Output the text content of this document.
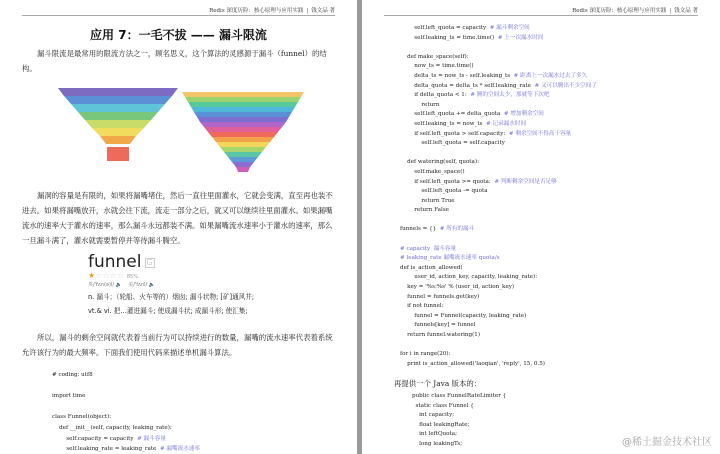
Redis 深度历险：核心原理与应用实践 | 钱文品 著
应用 7：一毛不拔 —— 漏斗限流
漏斗限流是最常用的限流方法之一，顾名思义，这个算法的灵感源于漏斗（funnel）的结构。
漏洞的容量是有限的，如果将漏嘴堵住，然后一直往里面灌水，它就会变满，直至再也装不进去。如果将漏嘴放开，水就会往下流，流走一部分之后，就又可以继续往里面灌水。如果漏嘴流水的速率大于灌水的速率，那么漏斗永远都装不满。如果漏嘴流水速率小于灌水的速率，那么一旦漏斗满了，灌水就需要暂停并等待漏斗腾空。
funnel G
★☆☆☆☆ 85%
英/'fʌn(ə)l/ 🔈 美/'fʌnl/ 🔈
n. 漏斗；（轮船、火车等的）烟囱; 漏斗状物; [矿]通风井;
vt.& vi. 把…灌进漏斗; 使成漏斗状; 成漏斗形; 使汇集;
所以，漏斗的剩余空间就代表着当前行为可以持续进行的数量，漏嘴的流水速率代表着系统允许该行为的最大频率。下面我们使用代码来描述单机漏斗算法。
# coding: utf8

import time

class Funnel(object):
def __init__(self, capacity, leaking_rate):
self.capacity = capacity  # 漏斗容量
self.leaking_rate = leaking_rate  # 漏嘴流水速率
Redis 深度历险：核心原理与应用实践 | 钱文品 著
self.left_quota = capacity  # 漏斗剩余空间
self.leaking_ts = time.time()  # 上一次漏水时间

def make_space(self):
now_ts = time.time()
delta_ts = now_ts - self.leaking_ts  # 距离上一次漏水过去了多久
delta_quota = delta_ts * self.leaking_rate  # 又可以腾出不少空间了
if delta_quota < 1:  # 腾的空间太少，那就等下次吧
return
self.left_quota += delta_quota  # 增加剩余空间
self.leaking_ts = now_ts  # 记录漏水时间
if self.left_quota > self.capacity:  # 剩余空间不得高于容量
self.left_quota = self.capacity

def watering(self, quota):
self.make_space()
if self.left_quota >= quota:  # 判断剩余空间是否足够
self.left_quota -= quota
return True
return False

funnels = {}  # 所有的漏斗

# capacity  漏斗容量
# leaking_rate 漏嘴流水速率 quota/s
def is_action_allowed(
user_id, action_key, capacity, leaking_rate):
key = '%s:%s' % (user_id, action_key)
funnel = funnels.get(key)
if not funnel:
funnel = Funnel(capacity, leaking_rate)
funnels[key] = funnel
return funnel.watering(1)

for i in range(20):
print is_action_allowed('laoqian', 'reply', 15, 0.5)
再提供一个 Java 版本的：
public class FunnelRateLimiter {
static class Funnel {
int capacity;
float leakingRate;
int leftQuota;
long leakingTs;	@稀土掘金技术社区
